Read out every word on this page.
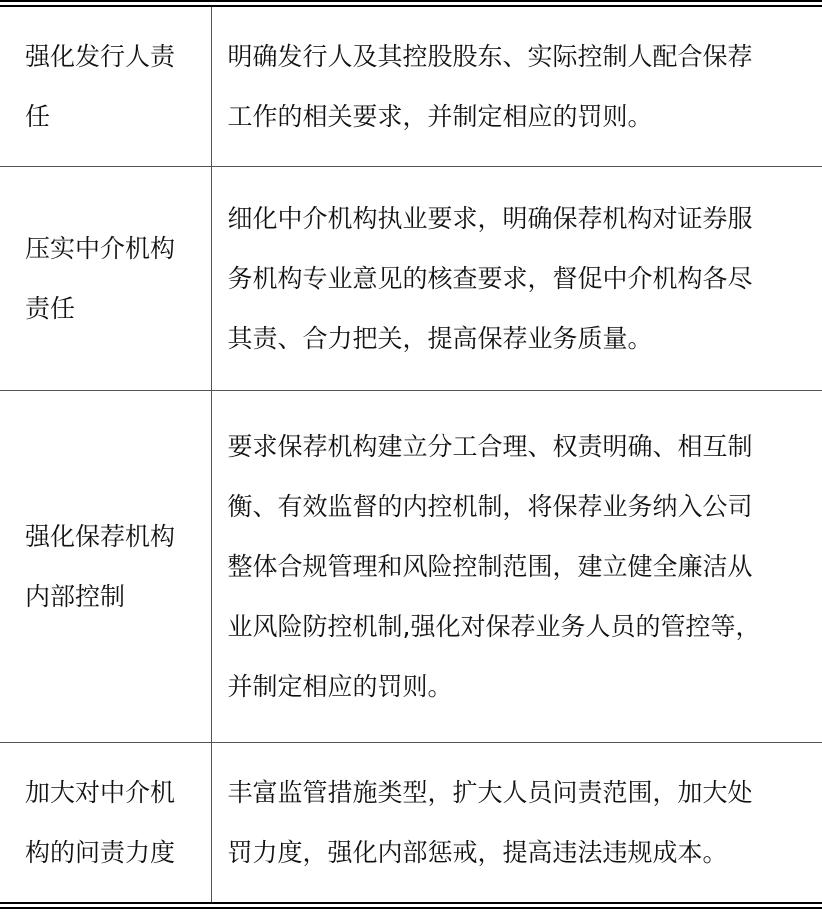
强化发行人责
任	明确发行人及其控股股东、实际控制人配合保荐
工作的相关要求，并制定相应的罚则。

压实中介机构
责任	细化中介机构执业要求，明确保荐机构对证券服
务机构专业意见的核查要求，督促中介机构各尽
其责、合力把关，提高保荐业务质量。

强化保荐机构
内部控制	要求保荐机构建立分工合理、权责明确、相互制
衡、有效监督的内控机制，将保荐业务纳入公司
整体合规管理和风险控制范围，建立健全廉洁从
业风险防控机制,强化对保荐业务人员的管控等，
并制定相应的罚则。

加大对中介机
构的问责力度	丰富监管措施类型，扩大人员问责范围，加大处
罚力度，强化内部惩戒，提高违法违规成本。
